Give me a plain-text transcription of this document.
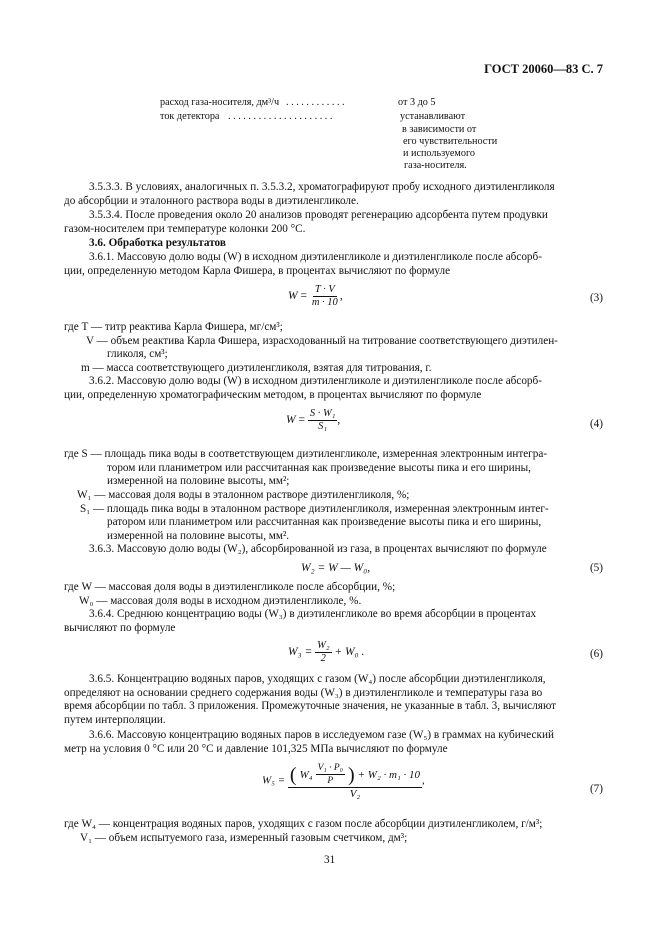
ГОСТ 20060—83 С. 7
расход газа-носителя, дм³/ч . . . . . . . . . . . .	от 3 до 5
ток детектора . . . . . . . . . . . . . . . . . . . . .	устанавливают
в зависимости от
его чувствительности
и используемого
газа-носителя.
3.5.3.3. В условиях, аналогичных п. 3.5.3.2, хроматографируют пробу исходного диэтиленгликоля
до абсорбции и эталонного раствора воды в диэтиленгликоле.
3.5.3.4. После проведения около 20 анализов проводят регенерацию адсорбента путем продувки
газом-носителем при температуре колонки 200 °С.
3.6. Обработка результатов
3.6.1. Массовую долю воды (W) в исходном диэтиленгликоле и диэтиленгликоле после абсорб-
ции, определенную методом Карла Фишера, в процентах вычисляют по формуле
$W = \frac{T \cdot V}{m \cdot 10}$ ,	(3)
где T — титр реактива Карла Фишера, мг/см³;
V — объем реактива Карла Фишера, израсходованный на титрование соответствующего диэтилен-
гликоля, см³;
m — масса соответствующего диэтиленгликоля, взятая для титрования, г.
3.6.2. Массовую долю воды (W) в исходном диэтиленгликоле и диэтиленгликоле после абсорб-
ции, определенную хроматографическим методом, в процентах вычисляют по формуле
$W = \frac{\text{S · W₁}}{\text{S₁}}$ ,	(4)
где S — площадь пика воды в соответствующем диэтиленгликоле, измеренная электронным интегра-
тором или планиметром или рассчитанная как произведение высоты пика и его ширины,
измеренной на половине высоты, мм²;
W₁ — массовая доля воды в эталонном растворе диэтиленгликоля, %;
S₁ — площадь пика воды в эталонном растворе диэтиленгликоля, измеренная электронным интег-
ратором или планиметром или рассчитанная как произведение высоты пика и его ширины,
измеренной на половине высоты, мм².
3.6.3. Массовую долю воды (W₂), абсорбированной из газа, в процентах вычисляют по формуле
W₂ = W — W₀,	(5)
где W — массовая доля воды в диэтиленгликоле после абсорбции, %;
W₀ — массовая доля воды в исходном диэтиленгликоле, %.
3.6.4. Среднюю концентрацию воды (W₃) в диэтиленгликоле во время абсорбции в процентах
вычисляют по формуле
$W_3 = \frac{\text{W₂}}{2} + W_0$ .	(6)
3.6.5. Концентрацию водяных паров, уходящих с газом (W₄) после абсорбции диэтиленгликоля,
определяют на основании среднего содержания воды (W₃) в диэтиленгликоле и температуры газа во
время абсорбции по табл. 3 приложения. Промежуточные значения, не указанные в табл. 3, вычисляют
путем интерполяции.
3.6.6. Массовую концентрацию водяных паров в исследуемом газе (W₅) в граммах на кубический
метр на условия 0 °С или 20 °С и давление 101,325 МПа вычисляют по формуле
$W_5 = \frac{( W_4 \frac{\text{V₁ · P₀}}{P} ) + W_2 \cdot m_1 \cdot 10}{\text{V₂}}$ ,
(7)
где W₄ — концентрация водяных паров, уходящих с газом после абсорбции диэтиленгликолем, г/м³;
V₁ — объем испытуемого газа, измеренный газовым счетчиком, дм³;
31
